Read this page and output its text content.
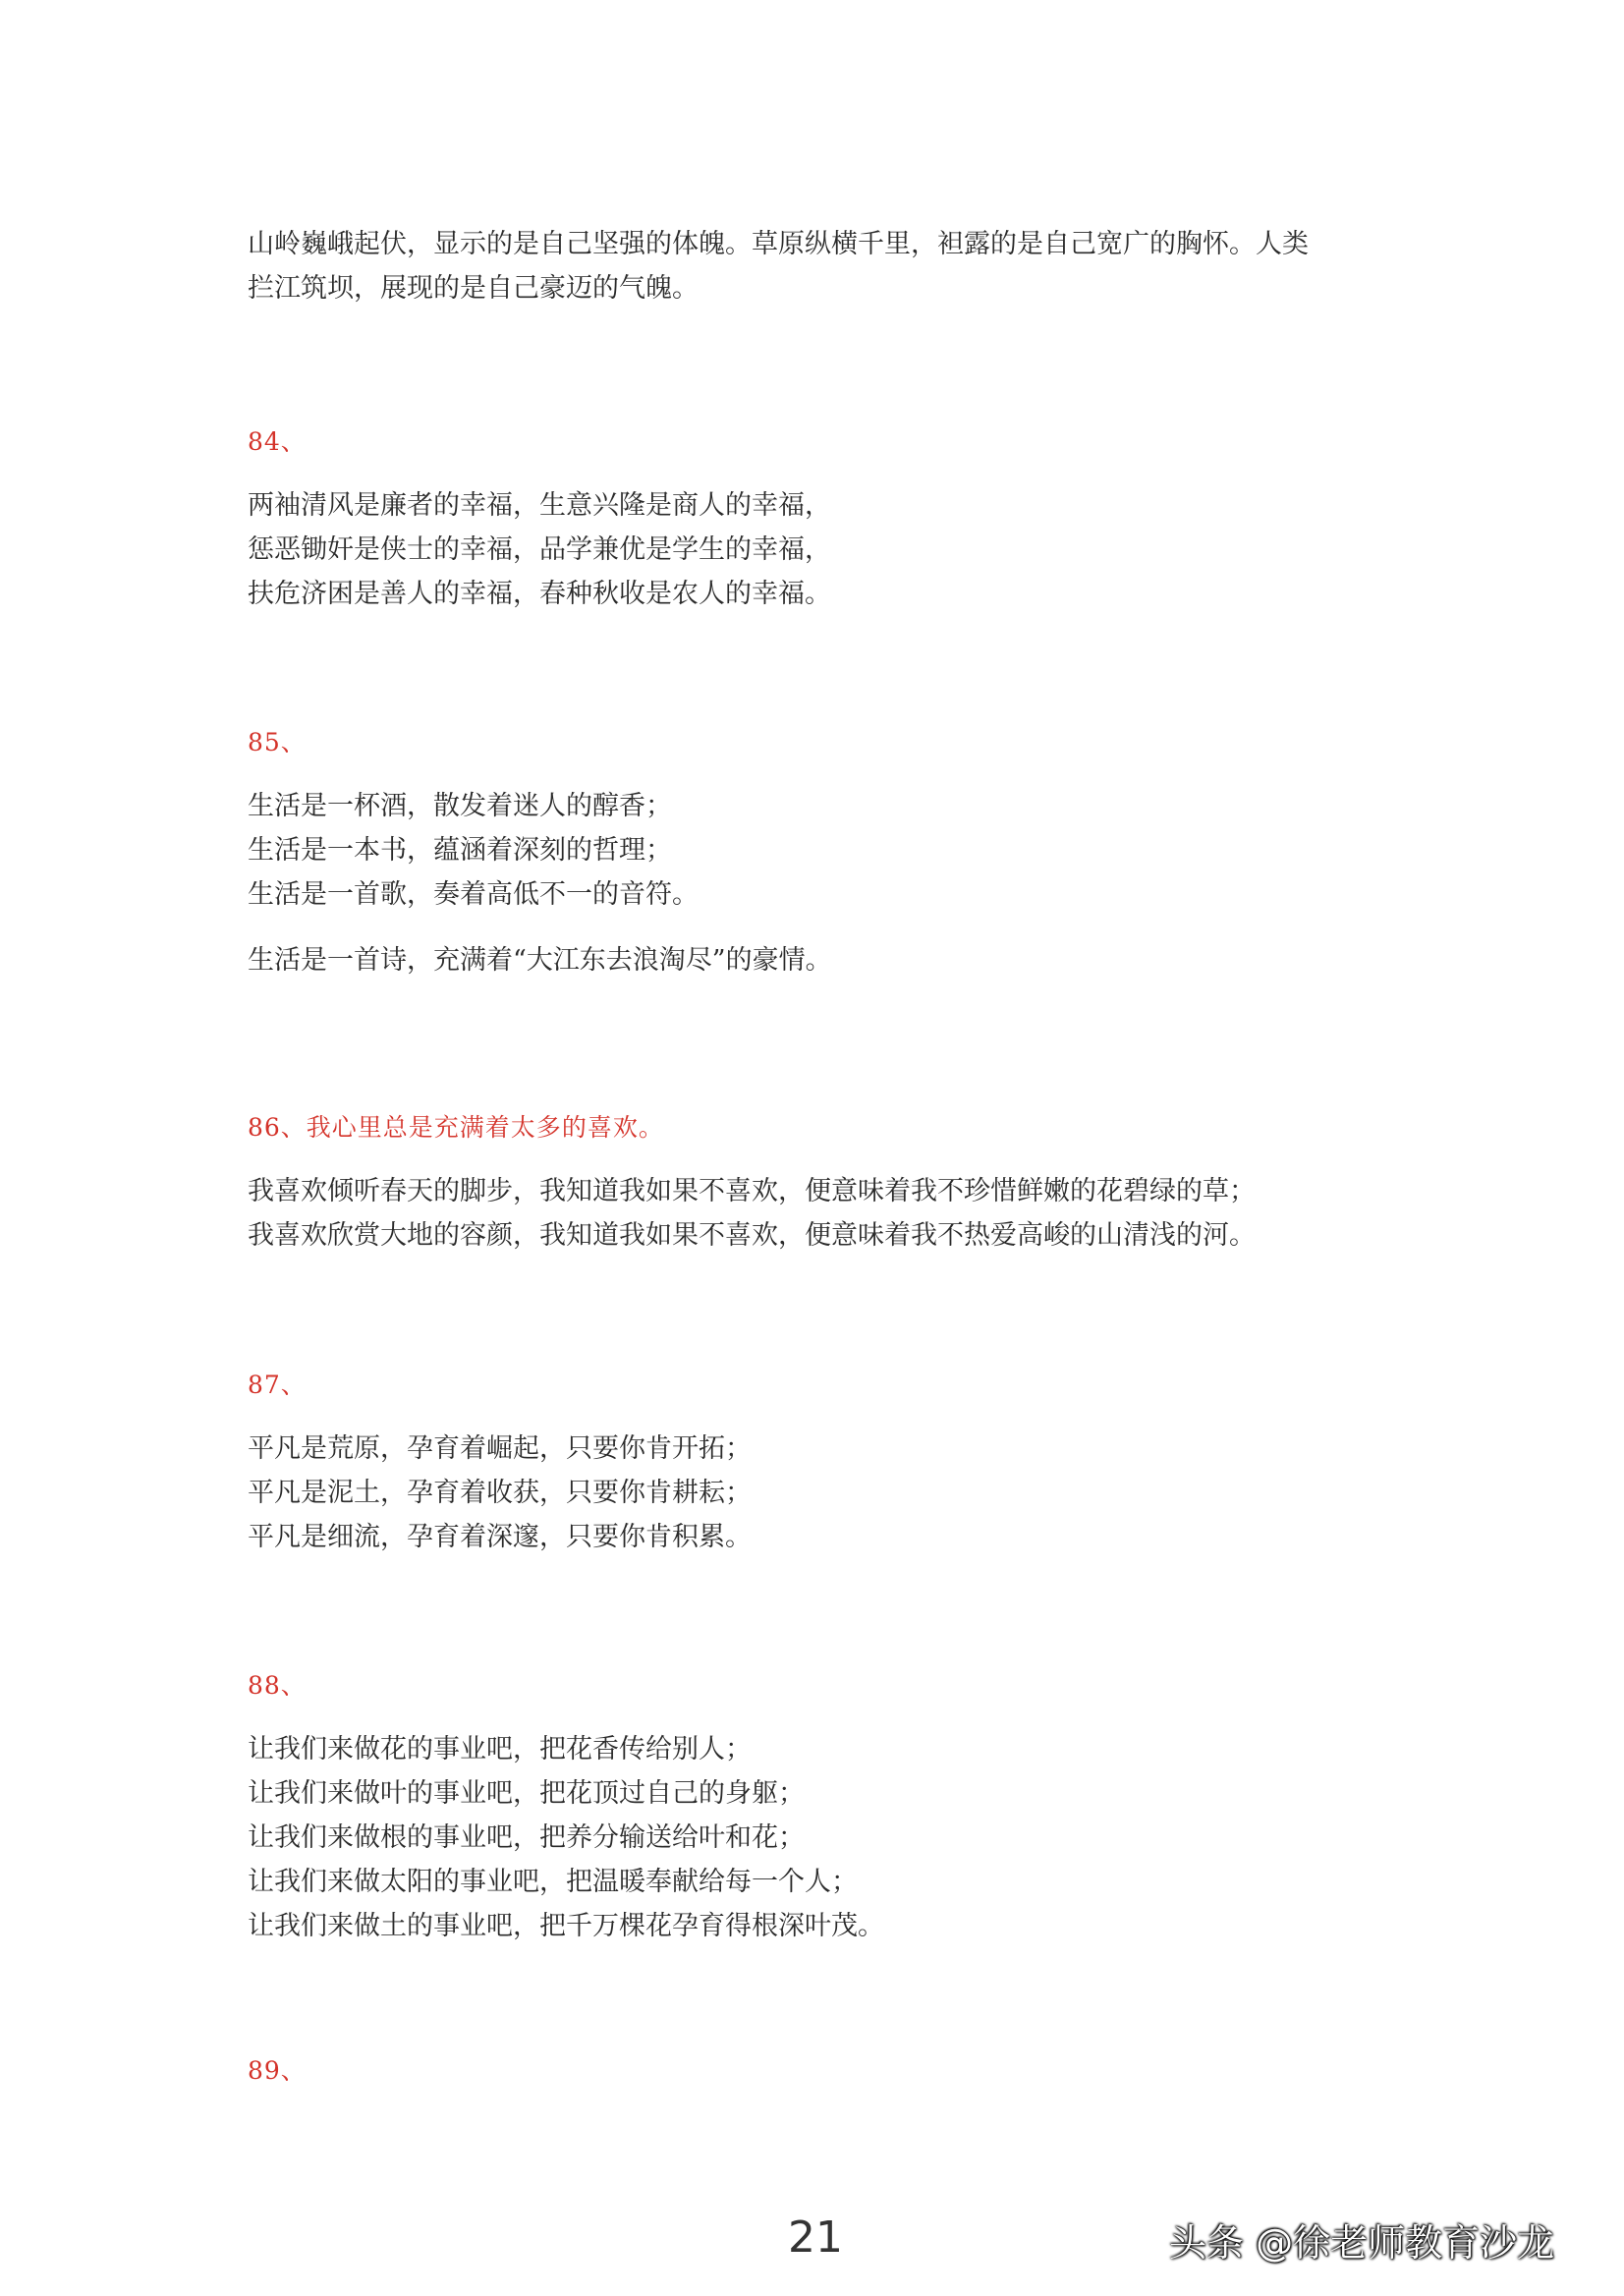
山岭巍峨起伏，显示的是自己坚强的体魄。草原纵横千里，袒露的是自己宽广的胸怀。人类
拦江筑坝，展现的是自己豪迈的气魄。
84、
两袖清风是廉者的幸福，生意兴隆是商人的幸福，
惩恶锄奸是侠士的幸福，品学兼优是学生的幸福，
扶危济困是善人的幸福，春种秋收是农人的幸福。
85、
生活是一杯酒，散发着迷人的醇香；
生活是一本书，蕴涵着深刻的哲理；
生活是一首歌，奏着高低不一的音符。
生活是一首诗，充满着“大江东去浪淘尽”的豪情。
86、我心里总是充满着太多的喜欢。
我喜欢倾听春天的脚步，我知道我如果不喜欢，便意味着我不珍惜鲜嫩的花碧绿的草；
我喜欢欣赏大地的容颜，我知道我如果不喜欢，便意味着我不热爱高峻的山清浅的河。
87、
平凡是荒原，孕育着崛起，只要你肯开拓；
平凡是泥土，孕育着收获，只要你肯耕耘；
平凡是细流，孕育着深邃，只要你肯积累。
88、
让我们来做花的事业吧，把花香传给别人；
让我们来做叶的事业吧，把花顶过自己的身躯；
让我们来做根的事业吧，把养分输送给叶和花；
让我们来做太阳的事业吧，把温暖奉献给每一个人；
让我们来做土的事业吧，把千万棵花孕育得根深叶茂。
89、
21	头条 @徐老师教育沙龙
